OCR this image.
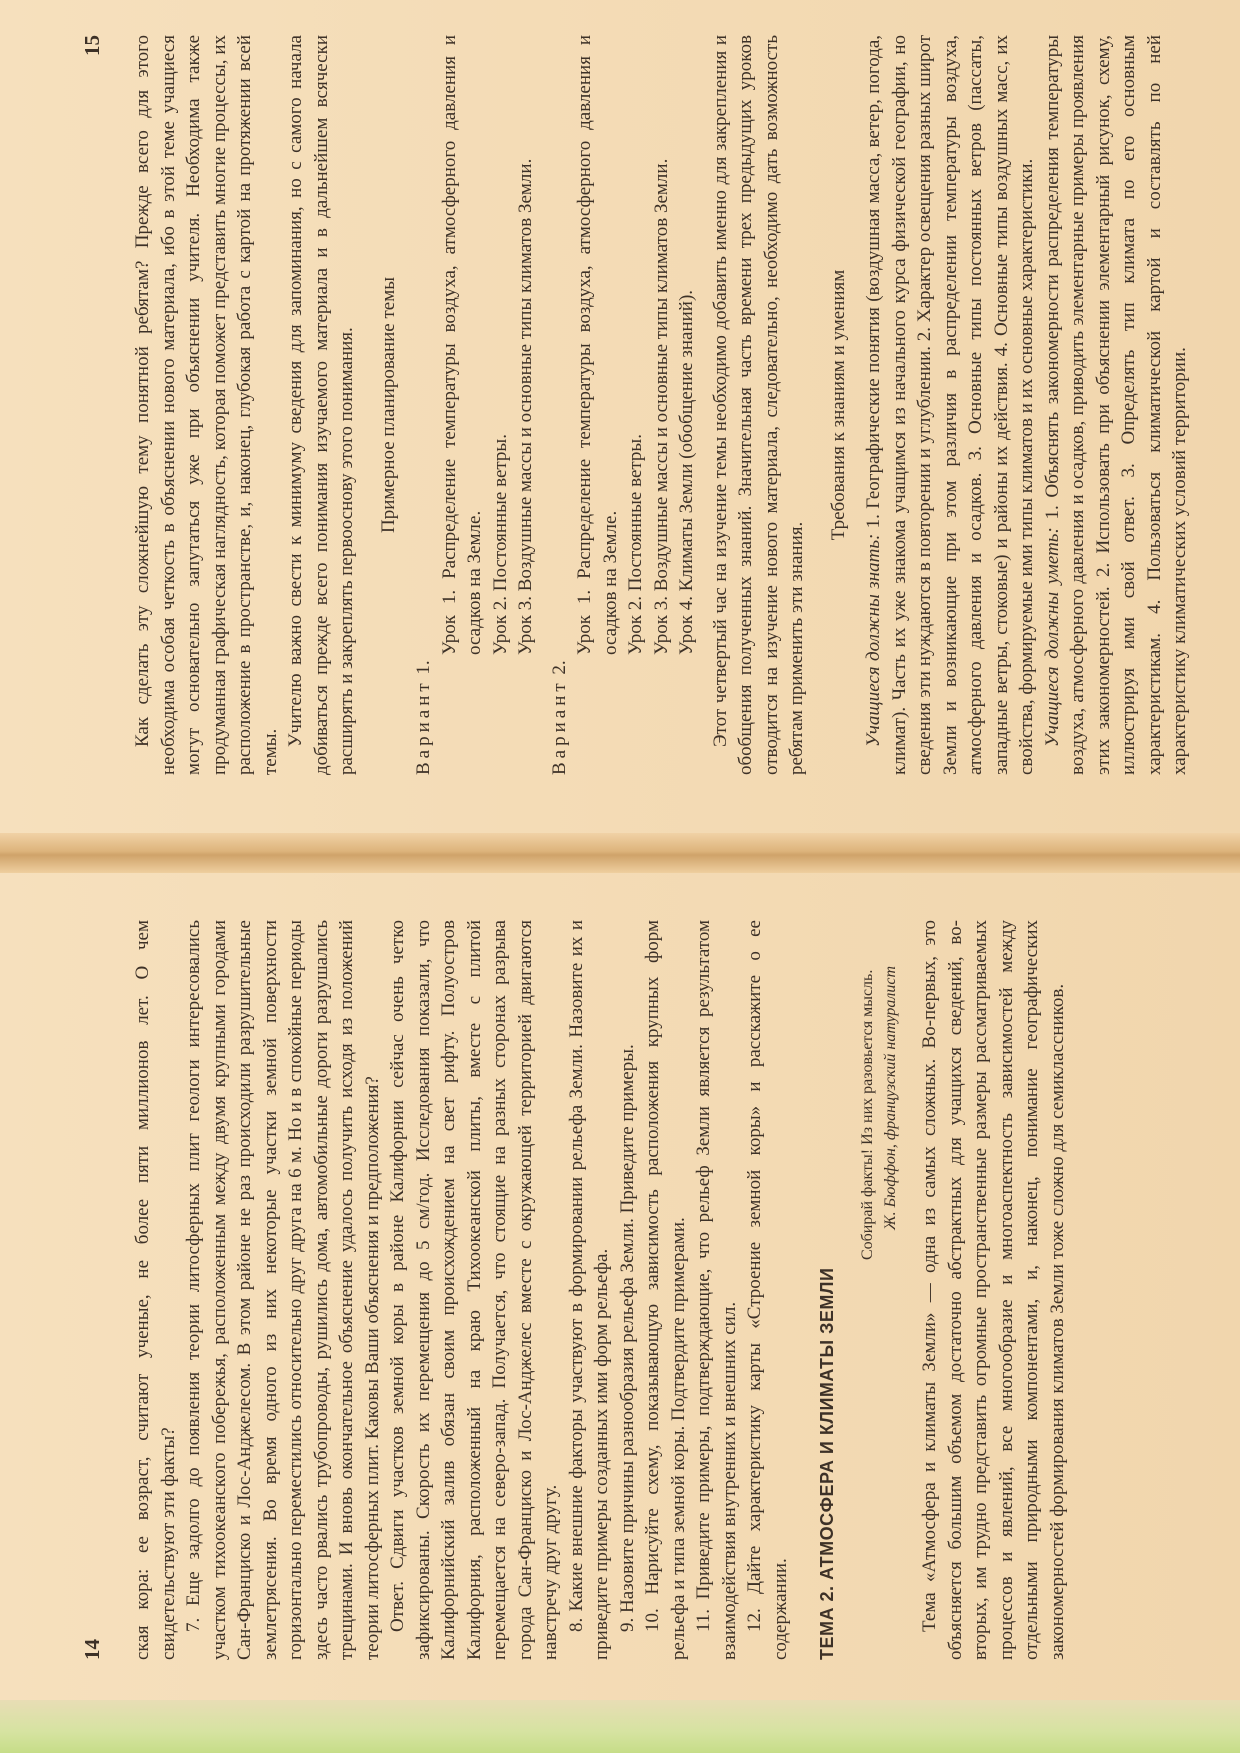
14 ская кора: ее возраст, считают ученые, не более пяти миллионов лет. О чем свидетельствуют эти факты? 7. Еще задолго до появления теории литосферных плит геологи интересовались участком тихоокеанского побережья, расположенным между двумя крупными городами Сан-Франциско и Лос-Анджелесом. В этом районе не раз происходили разрушительные землетрясения. Во время одного из них некоторые участки земной поверхности горизонтально переместились относительно друг друга на 6 м. Но и в спокойные периоды здесь часто рвались трубопроводы, рушились дома, автомобильные дороги разрушались трещинами. И вновь окончательное объяснение удалось получить исходя из положений теории литосферных плит. Каковы Ваши объяснения и предположения? Ответ. Сдвиги участков земной коры в районе Калифорнии сейчас очень четко зафиксированы. Скорость их перемещения до 5 см/год. Исследования показали, что Калифорнийский залив обязан своим происхождением на свет рифту. Полуостров Калифорния, расположенный на краю Тихоокеанской плиты, вместе с плитой перемещается на северо-запад. Получается, что стоящие на разных сторонах разрыва города Сан-Франциско и Лос-Анджелес вместе с окружающей территорией двигаются навстречу друг другу. 8. Какие внешние факторы участвуют в формировании рельефа Земли. Назовите их и приведите примеры созданных ими форм рельефа. 9. Назовите причины разнообразия рельефа Земли. Приведите примеры. 10. Нарисуйте схему, показывающую зависимость расположения крупных форм рельефа и типа земной коры. Подтвердите примерами. 11. Приведите примеры, подтверждающие, что рельеф Земли является результатом взаимодействия внутренних и внешних сил. 12. Дайте характеристику карты «Строение земной коры» и расскажите о ее содержании. ТЕМА 2. АТМОСФЕРА И КЛИМАТЫ ЗЕМЛИ
Собирай факты! Из них разовьется мысль. Ж. Бюффон, французский натуралист Тема «Атмосфера и климаты Земли» — одна из самых сложных. Во-первых, это объясняется большим объемом достаточно абстрактных для учащихся сведений, во-вторых, им трудно представить огромные пространственные размеры рассматриваемых процессов и явлений, все многообразие и многоаспектность зависимостей между отдельными природными компонентами, и, наконец, понимание географических закономерностей формирования климатов Земли тоже сложно для семиклассников.

15 Как сделать эту сложнейшую тему понятной ребятам? Прежде всего для этого необходима особая четкость в объяснении нового материала, ибо в этой теме учащиеся могут основательно запутаться уже при объяснении учителя. Необходима также продуманная графическая наглядность, которая поможет представить многие процессы, их расположение в пространстве, и, наконец, глубокая работа с картой на протяжении всей темы.

Учителю важно свести к минимуму сведения для запоминания, но с самого начала добиваться прежде всего понимания изучаемого материала и в дальнейшем всячески расширять и закреплять первооснову этого понимания. Примерное планирование темы

Вариант 1.

Урок 1. Распределение температуры воздуха, атмосферного давления и осадков на Земле. Урок 2. Постоянные ветры. Урок 3. Воздушные массы и основные типы климатов Земли.

Вариант 2.

Урок 1. Распределение температуры воздуха, атмосферного давления и осадков на Земле. Урок 2. Постоянные ветры. Урок 3. Воздушные массы и основные типы климатов Земли. Урок 4. Климаты Земли (обобщение знаний). Этот четвертый час на изучение темы необходимо добавить именно для закрепления и обобщения полученных знаний. Значительная часть времени трех предыдущих уроков отводится на изучение нового материала, следовательно, необходимо дать возможность ребятам применить эти знания.

Требования к знаниям и умениям

Учащиеся должны знать: 1. Географические понятия (воздушная масса, ветер, погода, климат). Часть их уже знакома учащимся из начального курса физической географии, но сведения эти нуждаются в повторении и углублении. 2. Характер освещения разных широт Земли и возникающие при этом различия в распределении температуры воздуха, атмосферного давления и осадков. 3. Основные типы постоянных ветров (пассаты, западные ветры, стоковые) и районы их действия. 4. Основные типы воздушных масс, их свойства, формируемые ими типы климатов и их основные характеристики. Учащиеся должны уметь: 1. Объяснять закономерности распределения температуры воздуха, атмосферного давления и осадков, приводить элементарные примеры проявления этих закономерностей. 2. Использовать при объяснении элементарный рисунок, схему, иллюстрируя ими свой ответ. 3. Определять тип климата по его основным характеристикам. 4. Пользоваться климатической картой и составлять по ней характеристику климатических условий территории.
